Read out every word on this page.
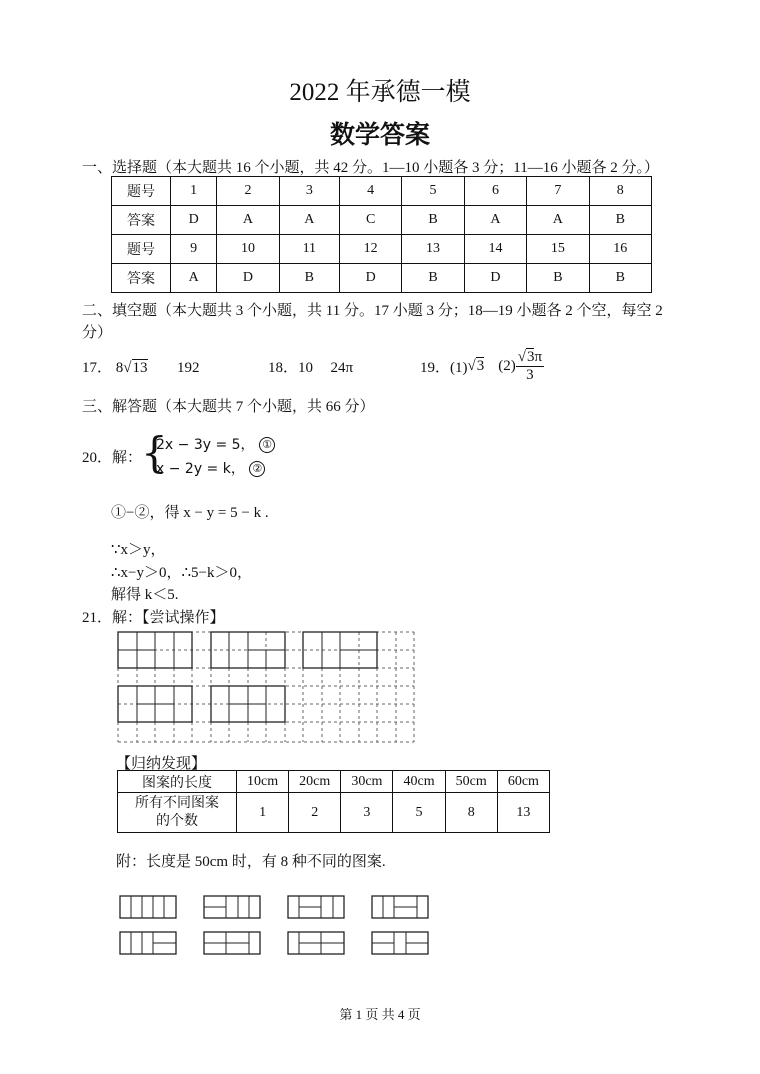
2022 年承德一模
数学答案
一、选择题（本大题共 16 个小题，共 42 分。1—10 小题各 3 分；11—16 小题各 2 分。）
题号	1	2	3	4	5	6	7	8
答案	D	A	A	C	B	A	A	B
题号	9	10	11	12	13	14	15	16
答案	A	D	B	D	B	D	B	B
二、填空题（本大题共 3 个小题，共 11 分。17 小题 3 分；18—19 小题各 2 个空，每空 2
分）
17． 8√13 192	18．10 24π	19．(1) √ 3 (2)
√3π
3
三、解答题（本大题共 7 个小题，共 66 分）
20．解：
{
2x − 3y = 5， ①
x − 2y = k， ②
①−②，得 x − y = 5 − k .
∵x＞y，
∴x−y＞0，∴5−k＞0，
解得 k＜5.
21．解：【尝试操作】
【归纳发现】
图案的长度	10cm	20cm	30cm	40cm	50cm	60cm

所有不同图案
的个数	1	2	3	5	8	13
附：长度是 50cm 时，有 8 种不同的图案.
第 1 页 共 4 页
